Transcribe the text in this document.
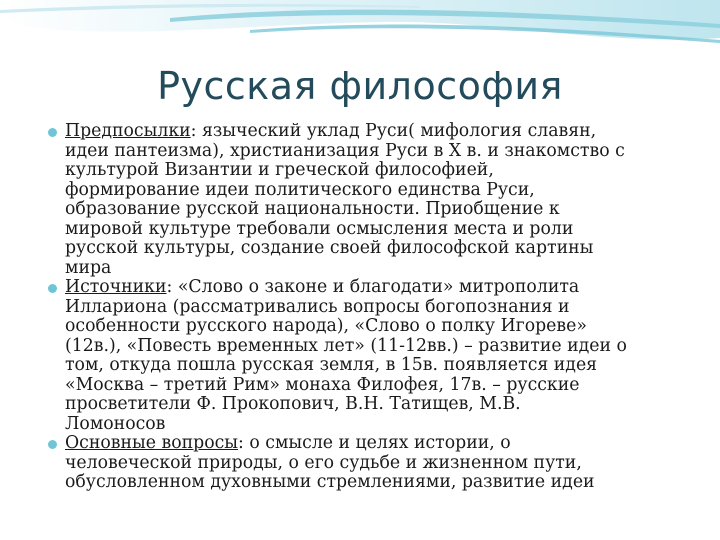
Русская философия
Предпосылки: языческий уклад Руси( мифология славян,
идеи пантеизма), христианизация Руси в X в. и знакомство с
культурой Византии и греческой философией,
формирование идеи политического единства Руси,
образование русской национальности. Приобщение к
мировой культуре требовали осмысления места и роли
русской культуры, создание своей философской картины
мира
Источники: «Слово о законе и благодати» митрополита
Иллариона (рассматривались вопросы богопознания и
особенности русского народа), «Слово о полку Игореве»
(12в.), «Повесть временных лет» (11-12вв.) – развитие идеи о
том, откуда пошла русская земля, в 15в. появляется идея
«Москва – третий Рим» монаха Филофея, 17в. – русские
просветители Ф. Прокопович, В.Н. Татищев, М.В.
Ломоносов
Основные вопросы: о смысле и целях истории, о
человеческой природы, о его судьбе и жизненном пути,
обусловленном духовными стремлениями, развитие идеи
